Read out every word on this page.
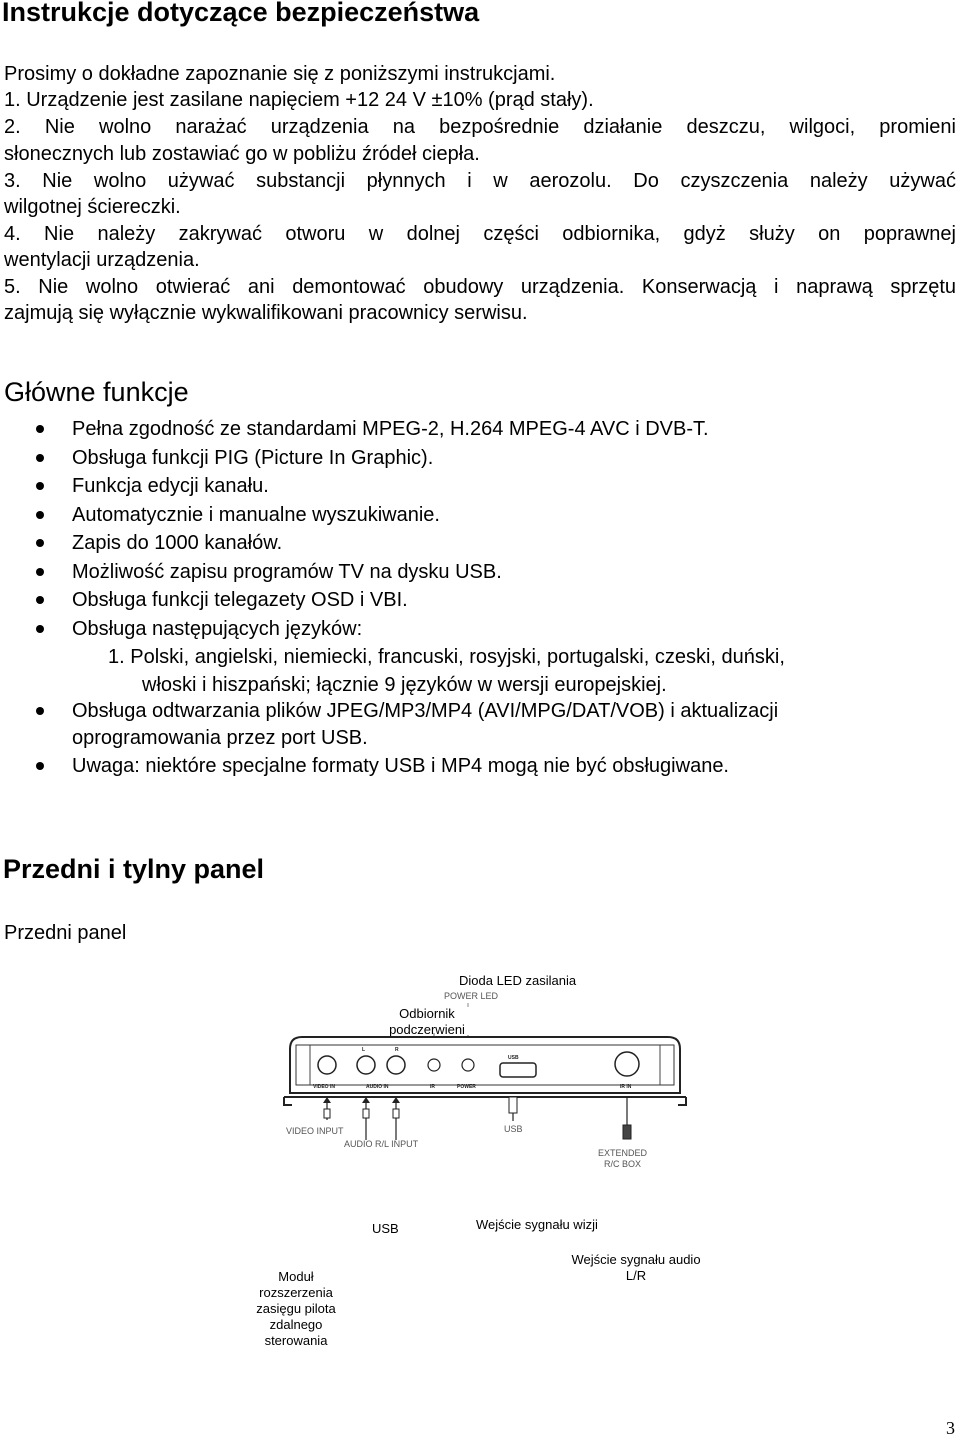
Instrukcje dotyczące bezpieczeństwa
Prosimy o dokładne zapoznanie się z poniższymi instrukcjami.
1. Urządzenie jest zasilane napięciem +12 24 V ±10% (prąd stały).
2. Nie wolno narażać urządzenia na bezpośrednie działanie deszczu, wilgoci, promieni
słonecznych lub zostawiać go w pobliżu źródeł ciepła.
3. Nie wolno używać substancji płynnych i w aerozolu. Do czyszczenia należy używać
wilgotnej ściereczki.
4. Nie należy zakrywać otworu w dolnej części odbiornika, gdyż służy on poprawnej
wentylacji urządzenia.
5. Nie wolno otwierać ani demontować obudowy urządzenia. Konserwacją i naprawą sprzętu
zajmują się wyłącznie wykwalifikowani pracownicy serwisu.
Główne funkcje
Pełna zgodność ze standardami MPEG-2, H.264 MPEG-4 AVC i DVB-T.
Obsługa funkcji PIG (Picture In Graphic).
Funkcja edycji kanału.
Automatycznie i manualne wyszukiwanie.
Zapis do 1000 kanałów.
Możliwość zapisu programów TV na dysku USB.
Obsługa funkcji telegazety OSD i VBI.
Obsługa następujących języków:
1. Polski, angielski, niemiecki, francuski, rosyjski, portugalski, czeski, duński,
włoski i hiszpański; łącznie 9 języków w wersji europejskiej.
Obsługa odtwarzania plików JPEG/MP3/MP4 (AVI/MPG/DAT/VOB) i aktualizacji
oprogramowania przez port USB.
Uwaga: niektóre specjalne formaty USB i MP4 mogą nie być obsługiwane.
Przedni i tylny panel
Przedni panel
Dioda LED zasilania
Odbiornik podczerwieni
USB	Wejście sygnału wizji
Wejście sygnału audio L/R
Moduł rozszerzenia zasięgu pilota zdalnego sterowania
L	R
USB
VIDEO IN	AUDIO IN	IR	POWER	IR IN
POWER LED
VIDEO INPUT
AUDIO R/L INPUT
USB
EXTENDED
R/C BOX
3
